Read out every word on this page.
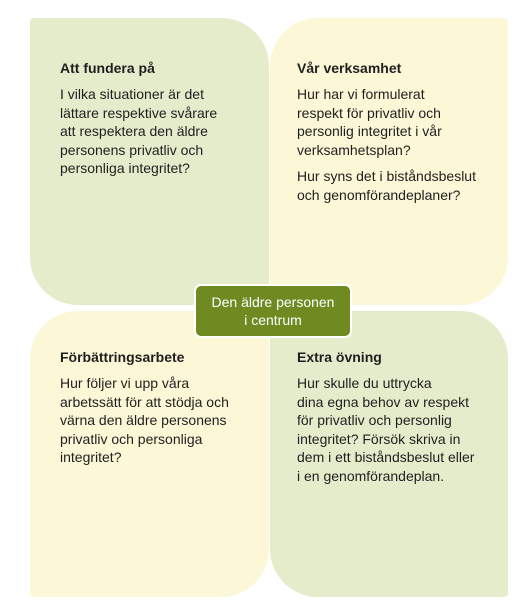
Att fundera på

I vilka situationer är det
lättare respektive svårare
att respektera den äldre
personens privatliv och
personliga integritet?

Vår verksamhet

Hur har vi formulerat
respekt för privatliv och
personlig integritet i vår
verksamhetsplan?

Hur syns det i biståndsbeslut
och genomförandeplaner?

Förbättringsarbete

Hur följer vi upp våra
arbetssätt för att stödja och
värna den äldre personens
privatliv och personliga
integritet?

Extra övning

Hur skulle du uttrycka
dina egna behov av respekt
för privatliv och personlig
integritet? Försök skriva in
dem i ett biståndsbeslut eller
i en genomförandeplan.

Den äldre personen
i centrum
